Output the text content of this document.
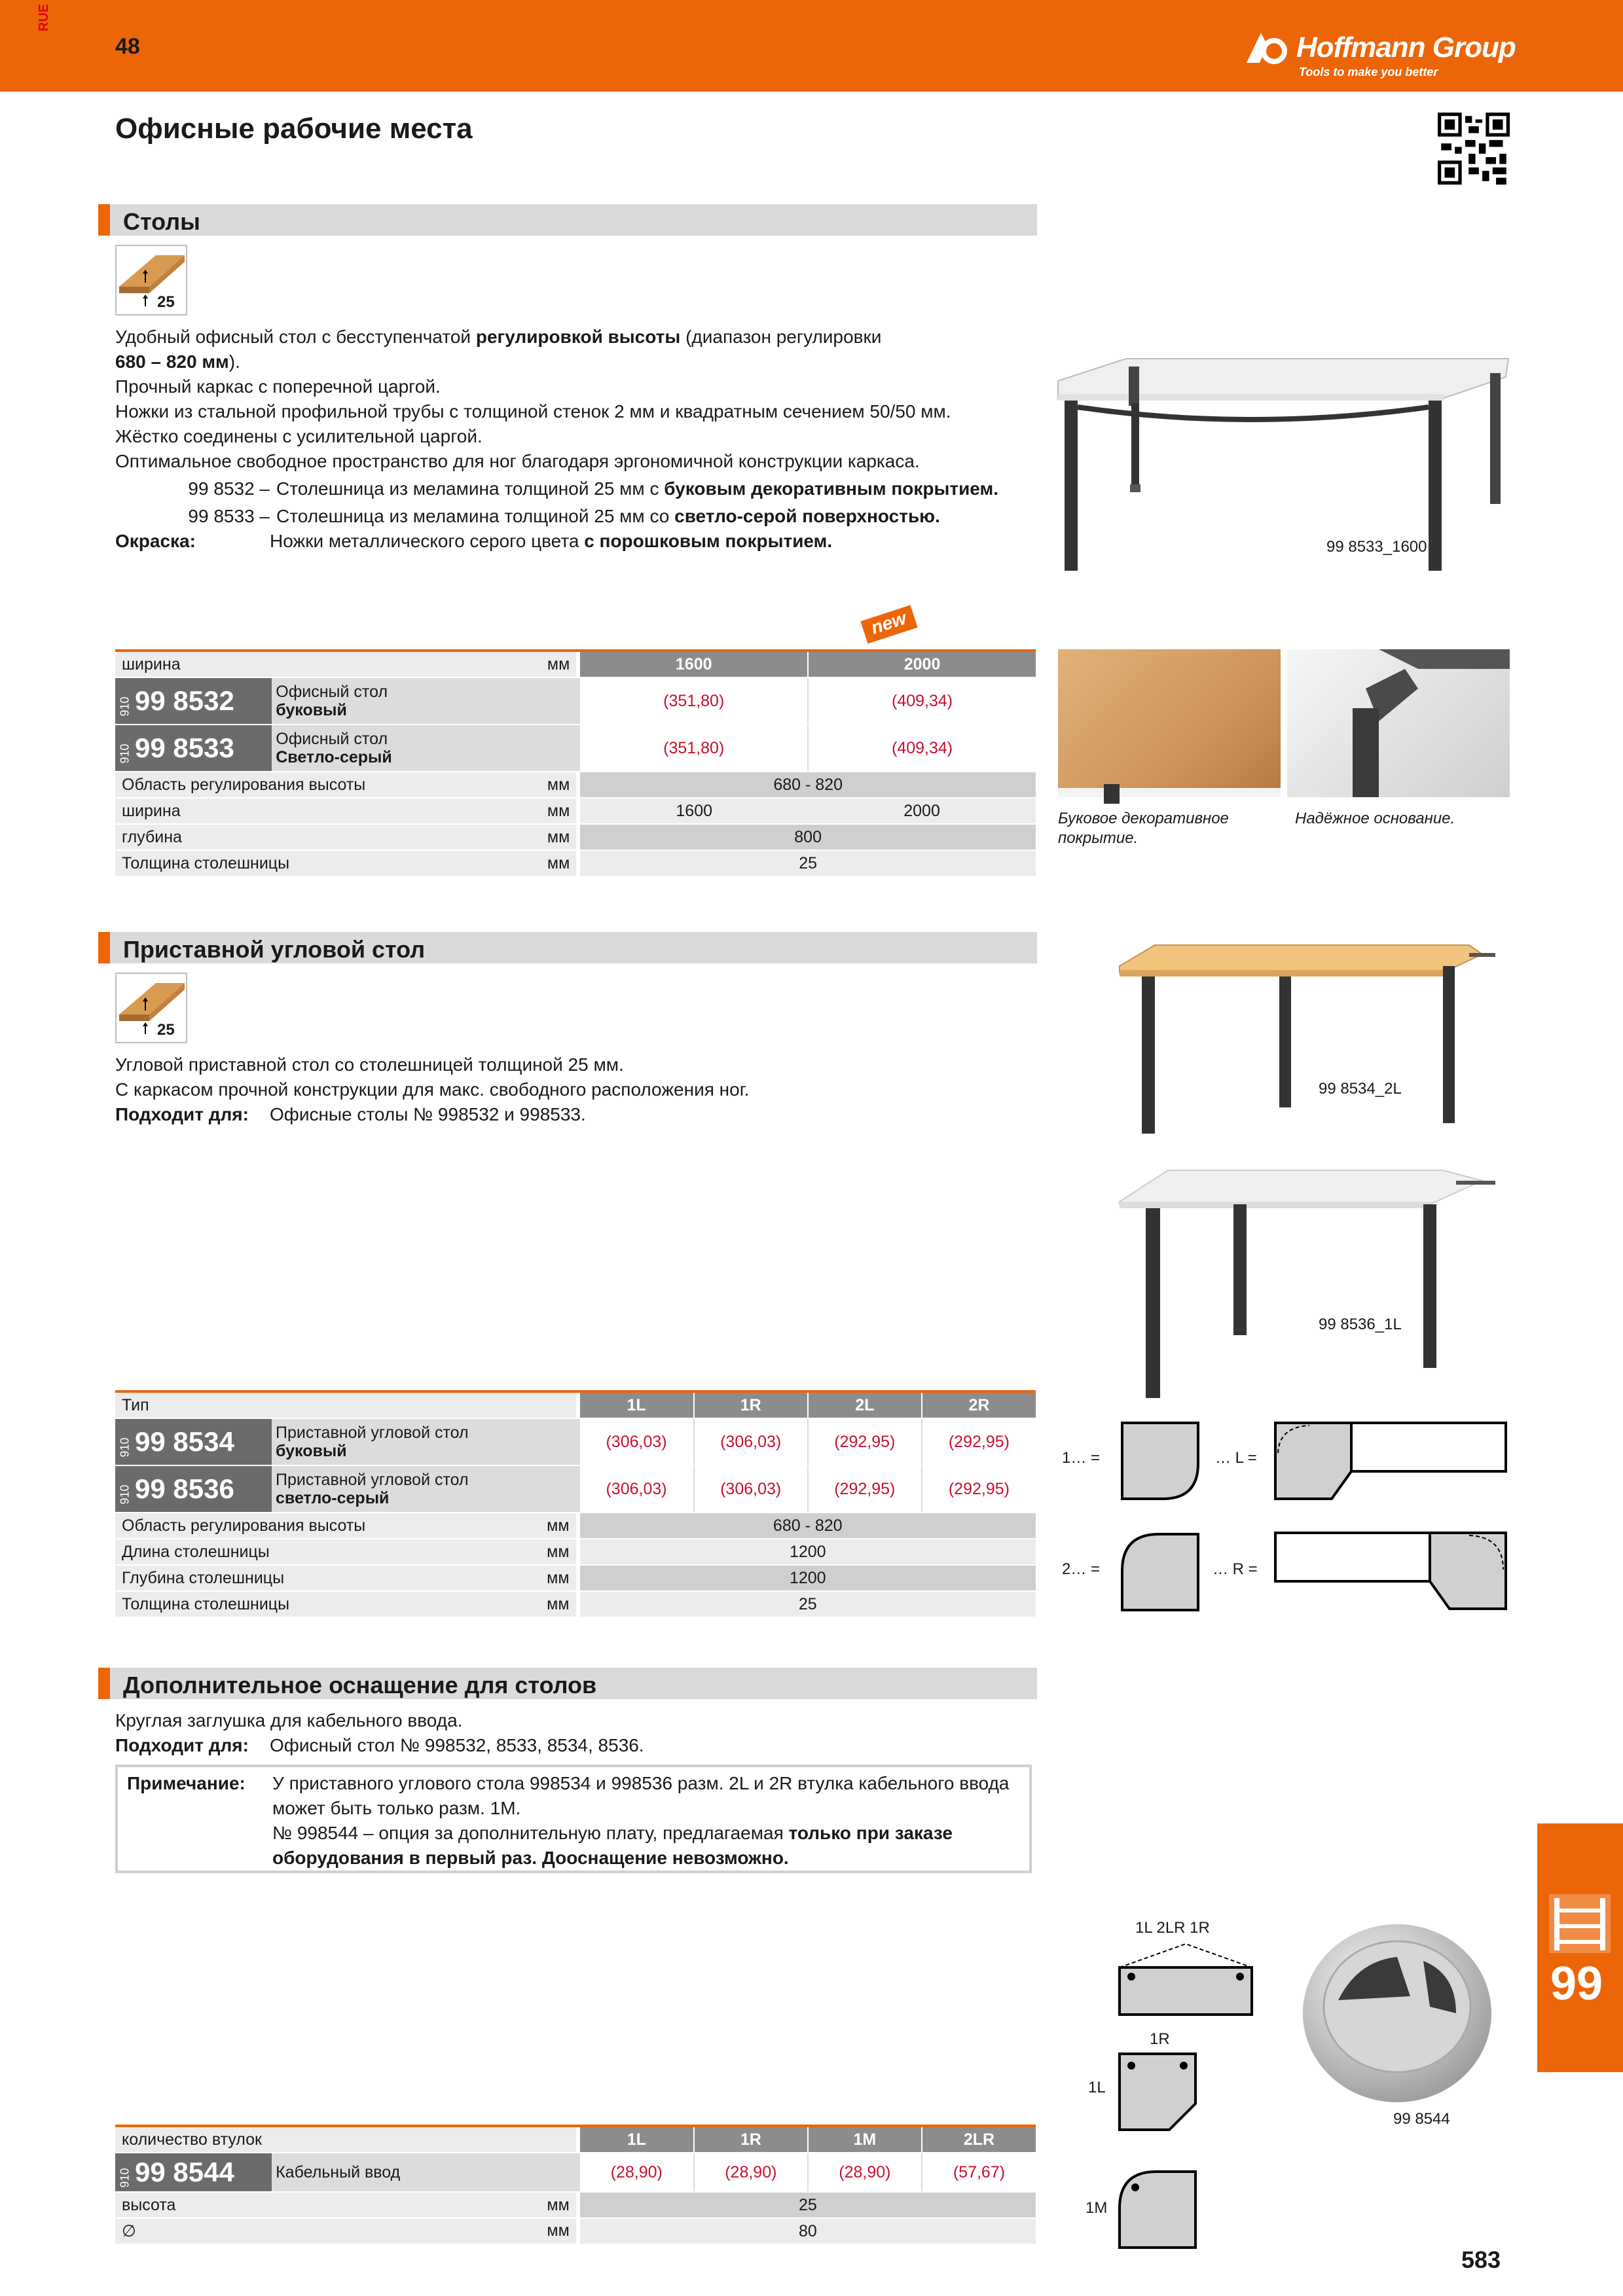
RUE
48	Hoffmann Group
Tools to make you better
Офисные рабочие места
Столы
25
Удобный офисный стол с бесступенчатой регулировкой высоты (диапазон регулировки
680 – 820 мм).
Прочный каркас с поперечной царгой.
Ножки из стальной профильной трубы с толщиной стенок 2 мм и квадратным сечением 50/50 мм.
Жёстко соединены с усилительной царгой.
Оптимальное свободное пространство для ног благодаря эргономичной конструкции каркаса.
99 8532 – Столешница из меламина толщиной 25 мм с буковым декоративным покрытием.
99 8533 – Столешница из меламина толщиной 25 мм со светло-серой поверхностью.
Окраска:	Ножки металлического серого цвета с порошковым покрытием.	99 8533_1600
new
ширина мм			1600	2000
910 99 8532	Офисный стол
буковый		(351,80)	(409,34)
910 99 8533	Офисный стол
Светло-серый		(351,80)	(409,34)
Область регулирования высоты мм			680 - 820	
ширина мм			1600	2000
глубина мм			800	
Толщина столешницы мм			25	
Буковое декоративное покрытие.
Надёжное основание.
Приставной угловой стол
25
Угловой приставной стол со столешницей толщиной 25 мм.
С каркасом прочной конструкции для макс. свободного расположения ног.
Подходит для: Офисные столы № 998532 и 998533.
99 8534_2L
99 8536_1L
Тип			1L	1R	2L	2R
910 99 8534	Приставной угловой стол
буковый		(306,03)	(306,03)	(292,95)	(292,95)
910 99 8536	Приставной угловой стол
светло-серый		(306,03)	(306,03)	(292,95)	(292,95)
Область регулирования высоты мм			680 - 820			
Длина столешницы мм			1200			
Глубина столешницы мм			1200			
Толщина столешницы мм			25			
1… =	… L =
2… =	… R =
Дополнительное оснащение для столов
Круглая заглушка для кабельного ввода.
Подходит для: Офисный стол № 998532, 8533, 8534, 8536.
Примечание: У приставного углового стола 998534 и 998536 разм. 2L и 2R втулка кабельного ввода
может быть только разм. 1M.
№ 998544 – опция за дополнительную плату, предлагаемая только при заказе
оборудования в первый раз. Дооснащение невозможно.
1L 2LR 1R
1R
1L
1M
99 8544
количество втулок			1L	1R	1M	2LR
910 99 8544	Кабельный ввод		(28,90)	(28,90)	(28,90)	(57,67)
высота мм			25			
∅ мм			80			
99
583
